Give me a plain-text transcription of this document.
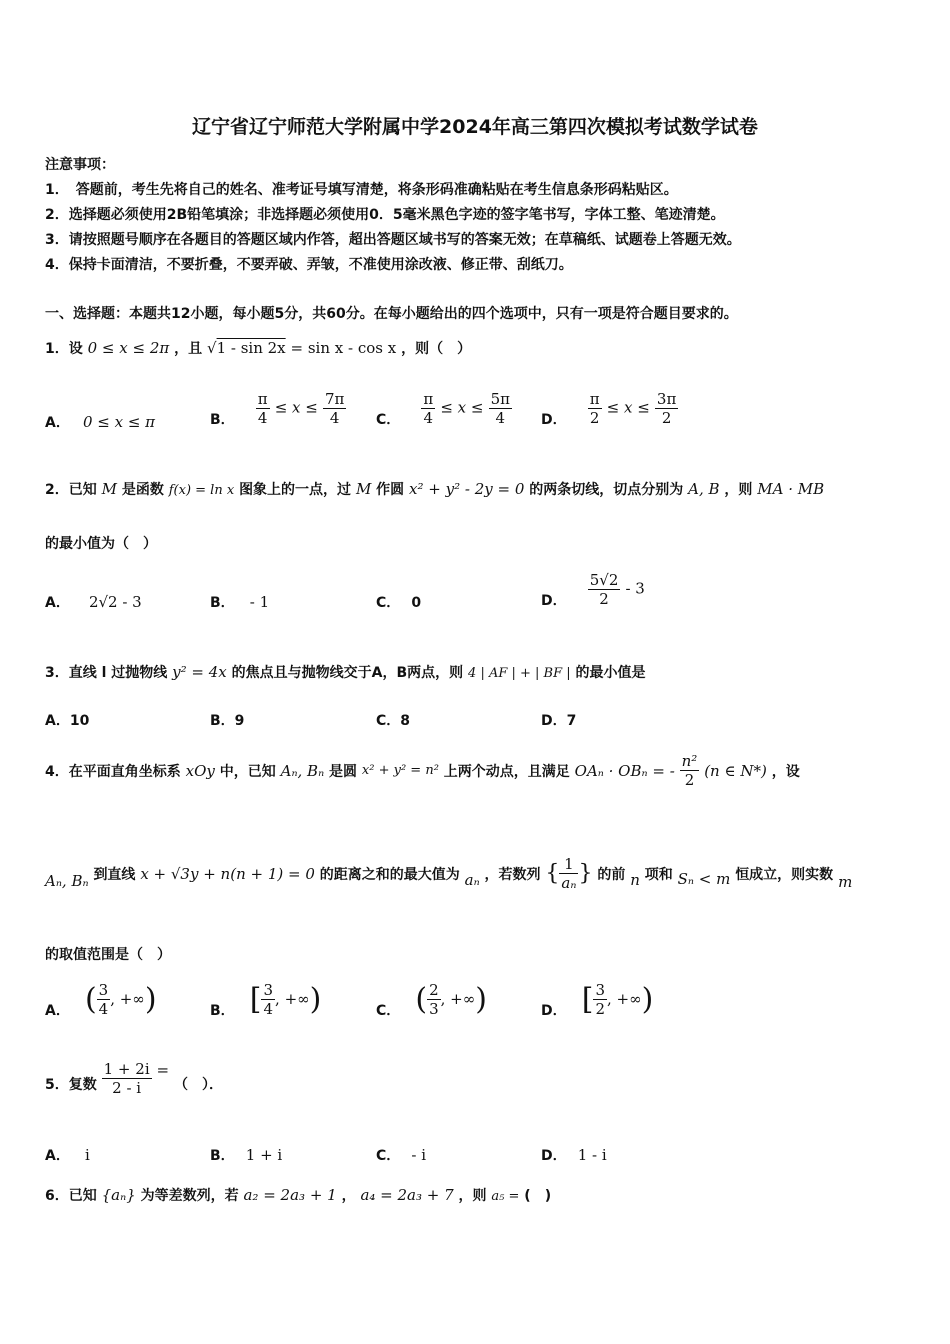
辽宁省辽宁师范大学附属中学2024年高三第四次模拟考试数学试卷
注意事项：
1．　答题前，考生先将自己的姓名、准考证号填写清楚，将条形码准确粘贴在考生信息条形码粘贴区。
2．选择题必须使用2B铅笔填涂；非选择题必须使用0．5毫米黑色字迹的签字笔书写，字体工整、笔迹清楚。
3．请按照题号顺序在各题目的答题区域内作答，超出答题区域书写的答案无效；在草稿纸、试题卷上答题无效。
4．保持卡面清洁，不要折叠，不要弄破、弄皱，不准使用涂改液、修正带、刮纸刀。
一、选择题：本题共12小题，每小题5分，共60分。在每小题给出的四个选项中，只有一项是符合题目要求的。
1．设 0 ≤ x ≤ 2π ，且 √1 - sin 2x = sin x - cos x ，则（　）
A． 0 ≤ x ≤ π	B． $\frac{\pi}{4} \le x \le \frac{7\pi}{4}$ C． $\frac{\pi}{4} \le x \le \frac{5\pi}{4}$ D． $\frac{\pi}{2} \le x \le \frac{3\pi}{2}$
2．已知 M 是函数 f(x) = ln x 图象上的一点，过 M 作圆 x² + y² - 2y = 0 的两条切线，切点分别为 A, B ，则 MA · MB
的最小值为（　）
A． 2√2 - 3	B． - 1	C． 0	D． $\frac{5√2}{2} - 3$
3．直线 l 过抛物线 y² = 4x 的焦点且与抛物线交于A，B两点，则 4 | AF | + | BF | 的最小值是
A．10	B．9	C．8	D．7
4．在平面直角坐标系 xOy 中，已知 Aₙ, Bₙ 是圆 x² + y² = n² 上两个动点，且满足 OAₙ · OBₙ = - $\frac{\text{n²}}{2} (n$ ∈ N*) ，设
Aₙ, Bₙ 到直线 x + √3y + n(n + 1) = 0 的距离之和的最大值为 aₙ ，若数列 { $\frac{1}{\text{aₙ}}$ } 的前 n 项和 Sₙ < m 恒成立，则实数 m
的取值范围是（　）
A． ( $\frac{3}{4}$ , +∞)	B． [ $\frac{3}{4}$ , +∞)	C． ( $\frac{2}{3}$ , +∞)	D． [ $\frac{3}{2}$ , +∞)
5．复数 $\frac{1 + 2i}{2 - i}$ = （　）．
A． i	B． 1 + i	C． - i	D． 1 - i
6．已知 {aₙ} 为等差数列，若 a₂ = 2a₃ + 1 ， a₄ = 2a₃ + 7 ，则 a₅ = (　)
